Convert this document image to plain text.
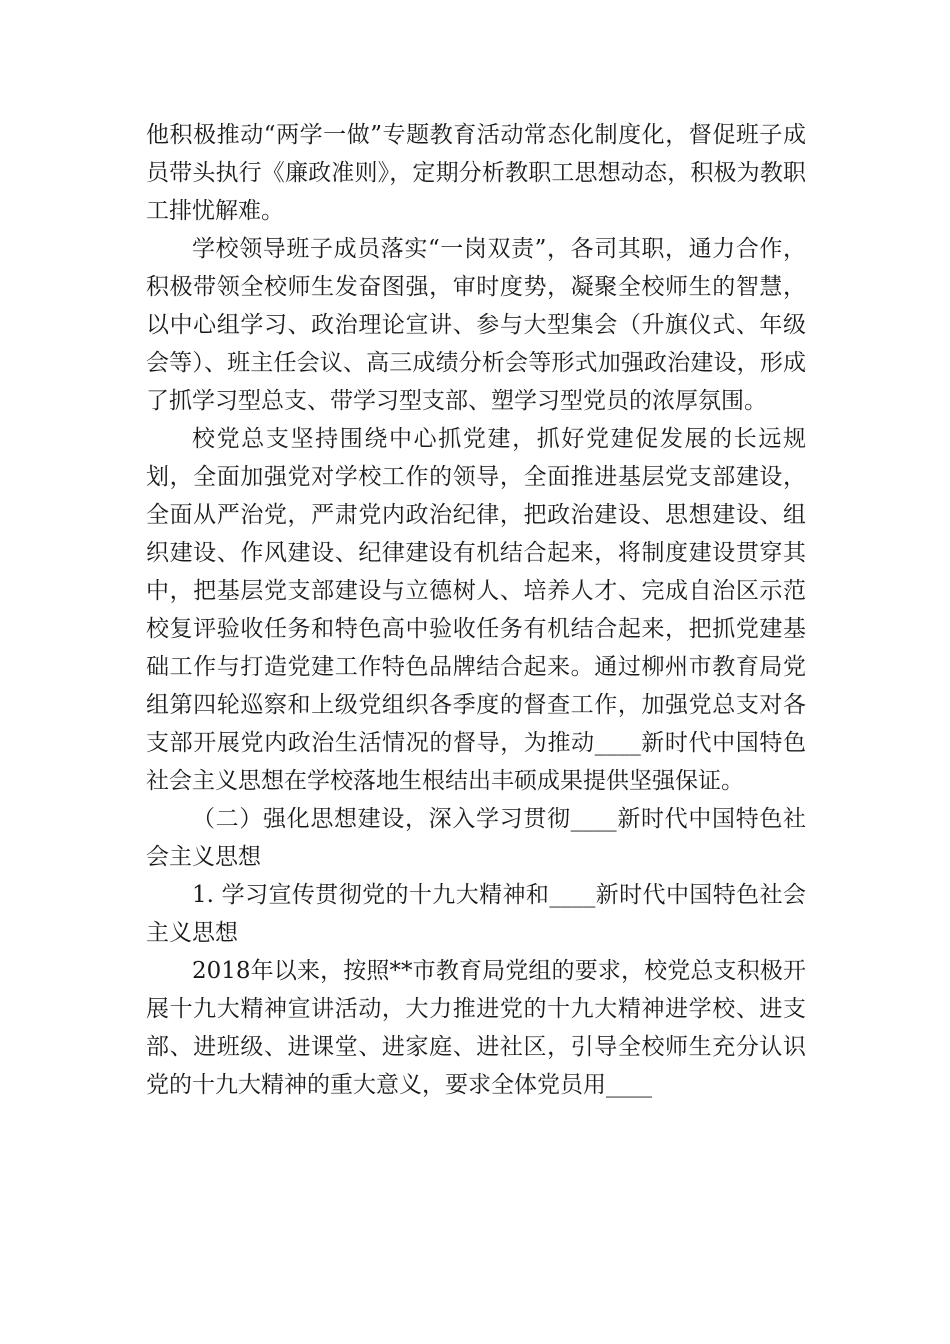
他积极推动“两学一做”专题教育活动常态化制度化，督促班子成员带头执行《廉政准则》，定期分析教职工思想动态，积极为教职工排忧解难。

学校领导班子成员落实“一岗双责”，各司其职，通力合作，积极带领全校师生发奋图强，审时度势，凝聚全校师生的智慧，以中心组学习、政治理论宣讲、参与大型集会（升旗仪式、年级会等）、班主任会议、高三成绩分析会等形式加强政治建设，形成了抓学习型总支、带学习型支部、塑学习型党员的浓厚氛围。

校党总支坚持围绕中心抓党建，抓好党建促发展的长远规划，全面加强党对学校工作的领导，全面推进基层党支部建设，全面从严治党，严肃党内政治纪律，把政治建设、思想建设、组织建设、作风建设、纪律建设有机结合起来，将制度建设贯穿其中，把基层党支部建设与立德树人、培养人才、完成自治区示范校复评验收任务和特色高中验收任务有机结合起来，把抓党建基础工作与打造党建工作特色品牌结合起来。通过柳州市教育局党组第四轮巡察和上级党组织各季度的督查工作，加强党总支对各支部开展党内政治生活情况的督导，为推动____新时代中国特色社会主义思想在学校落地生根结出丰硕成果提供坚强保证。

（二）强化思想建设，深入学习贯彻____新时代中国特色社会主义思想

1. 学习宣传贯彻党的十九大精神和____新时代中国特色社会主义思想

2018年以来，按照**市教育局党组的要求，校党总支积极开展十九大精神宣讲活动，大力推进党的十九大精神进学校、进支部、进班级、进课堂、进家庭、进社区，引导全校师生充分认识党的十九大精神的重大意义，要求全体党员用____
